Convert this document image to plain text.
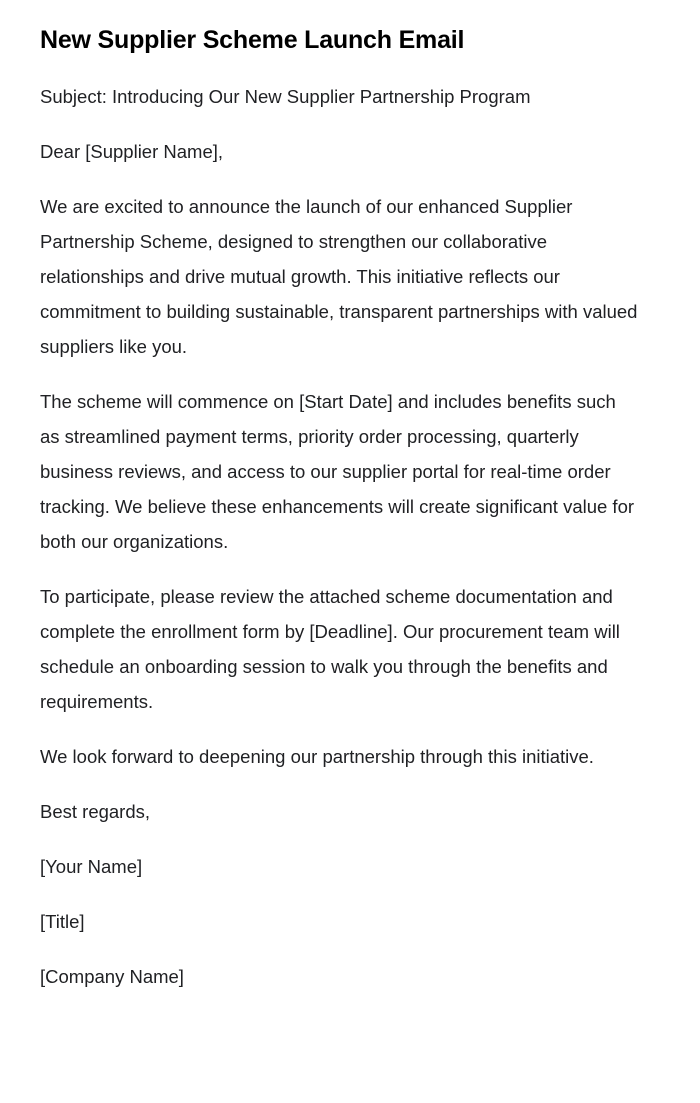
New Supplier Scheme Launch Email

Subject: Introducing Our New Supplier Partnership Program

Dear [Supplier Name],

We are excited to announce the launch of our enhanced Supplier Partnership Scheme, designed to strengthen our collaborative relationships and drive mutual growth. This initiative reflects our commitment to building sustainable, transparent partnerships with valued suppliers like you.

The scheme will commence on [Start Date] and includes benefits such as streamlined payment terms, priority order processing, quarterly business reviews, and access to our supplier portal for real-time order tracking. We believe these enhancements will create significant value for both our organizations.

To participate, please review the attached scheme documentation and complete the enrollment form by [Deadline]. Our procurement team will schedule an onboarding session to walk you through the benefits and requirements.

We look forward to deepening our partnership through this initiative.

Best regards,

[Your Name]

[Title]

[Company Name]
